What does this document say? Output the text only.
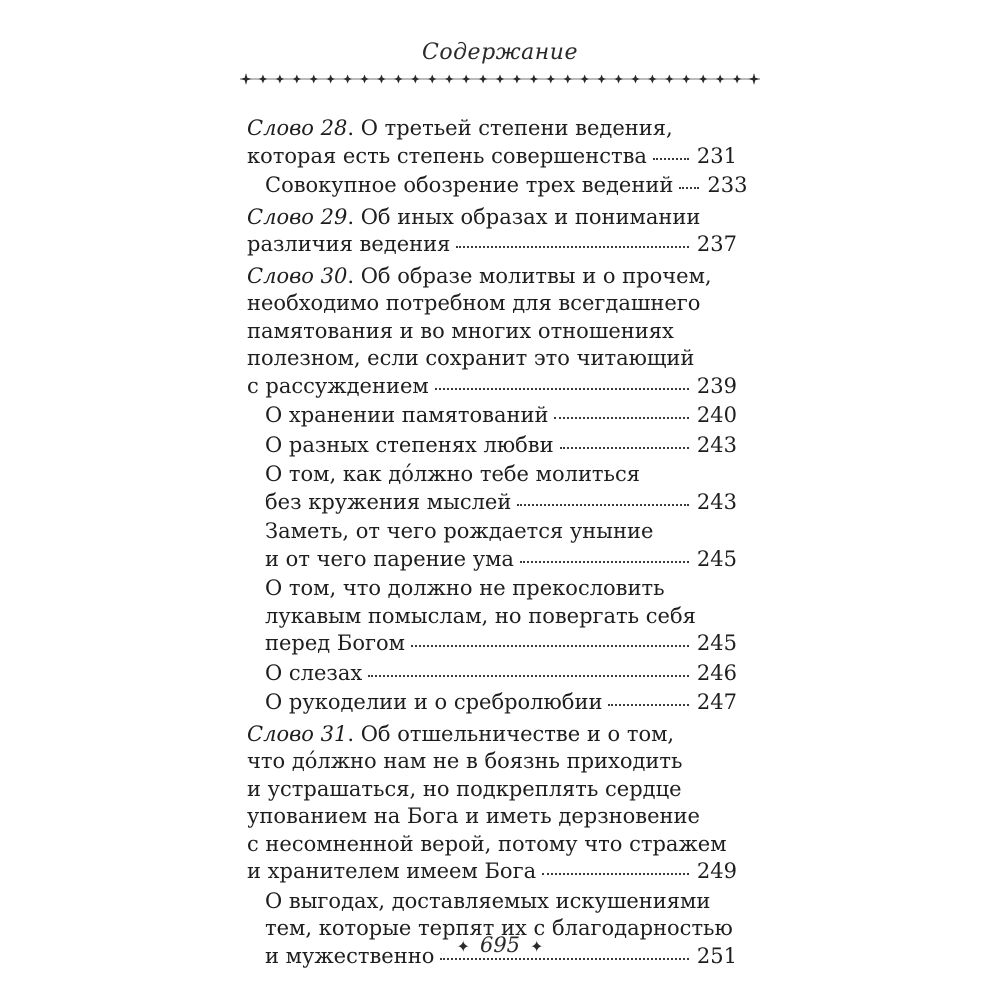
Содержание
Слово 28. О третьей степени ведения,
которая есть степень совершенства 231
Совокупное обозрение трех ведений 233
Слово 29. Об иных образах и понимании
различия ведения	237
Слово 30. Об образе молитвы и о прочем,
необходимо потребном для всегдашнего
памятования и во многих отношениях
полезном, если сохранит это читающий
с рассуждением	239
О хранении памятований	240
О разных степенях любви	243
О том, как до́лжно тебе молиться
без кружения мыслей	243
Заметь, от чего рождается уныние
и от чего парение ума	245
О том, что должно не прекословить
лукавым помыслам, но повергать себя
перед Богом	245
О слезах	246
О рукоделии и о сребролюбии	247
Слово 31. Об отшельничестве и о том,
что до́лжно нам не в боязнь приходить
и устрашаться, но подкреплять сердце
упованием на Бога и иметь дерзновение
с несомненной верой, потому что стражем
и хранителем имеем Бога	249
О выгодах, доставляемых искушениями
тем, которые терпят их с благодарностью
и мужественно	251
✦ 695 ✦
